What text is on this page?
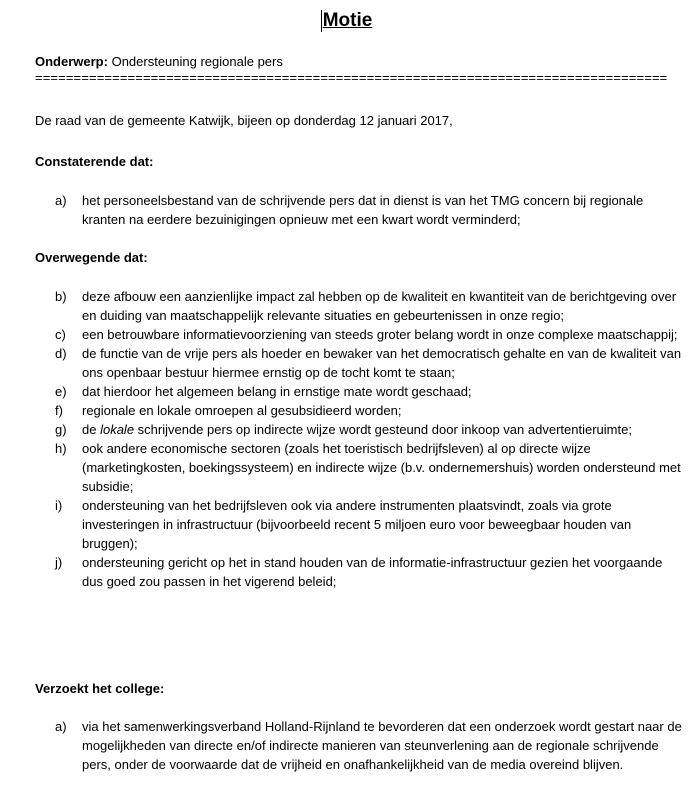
Motie
Onderwerp: Ondersteuning regionale pers
==================================================================================
De raad van de gemeente Katwijk, bijeen op donderdag 12 januari 2017,
Constaterende dat:
a) het personeelsbestand van de schrijvende pers dat in dienst is van het TMG concern bij regionale kranten na eerdere bezuinigingen opnieuw met een kwart wordt verminderd;
Overwegende dat:
b) deze afbouw een aanzienlijke impact zal hebben op de kwaliteit en kwantiteit van de berichtgeving over en duiding van maatschappelijk relevante situaties en gebeurtenissen in onze regio;
c) een betrouwbare informatievoorziening van steeds groter belang wordt in onze complexe maatschappij;
d) de functie van de vrije pers als hoeder en bewaker van het democratisch gehalte en van de kwaliteit van ons openbaar bestuur hiermee ernstig op de tocht komt te staan;
e) dat hierdoor het algemeen belang in ernstige mate wordt geschaad;
f) regionale en lokale omroepen al gesubsidieerd worden;
g) de lokale schrijvende pers op indirecte wijze wordt gesteund door inkoop van advertentieruimte;
h) ook andere economische sectoren (zoals het toeristisch bedrijfsleven) al op directe wijze (marketingkosten, boekingssysteem) en indirecte wijze (b.v. ondernemershuis) worden ondersteund met subsidie;
i) ondersteuning van het bedrijfsleven ook via andere instrumenten plaatsvindt, zoals via grote investeringen in infrastructuur (bijvoorbeeld recent 5 miljoen euro voor beweegbaar houden van bruggen);
j) ondersteuning gericht op het in stand houden van de informatie-infrastructuur gezien het voorgaande dus goed zou passen in het vigerend beleid;
Verzoekt het college:
a) via het samenwerkingsverband Holland-Rijnland te bevorderen dat een onderzoek wordt gestart naar de mogelijkheden van directe en/of indirecte manieren van steunverlening aan de regionale schrijvende pers, onder de voorwaarde dat de vrijheid en onafhankelijkheid van de media overeind blijven.
